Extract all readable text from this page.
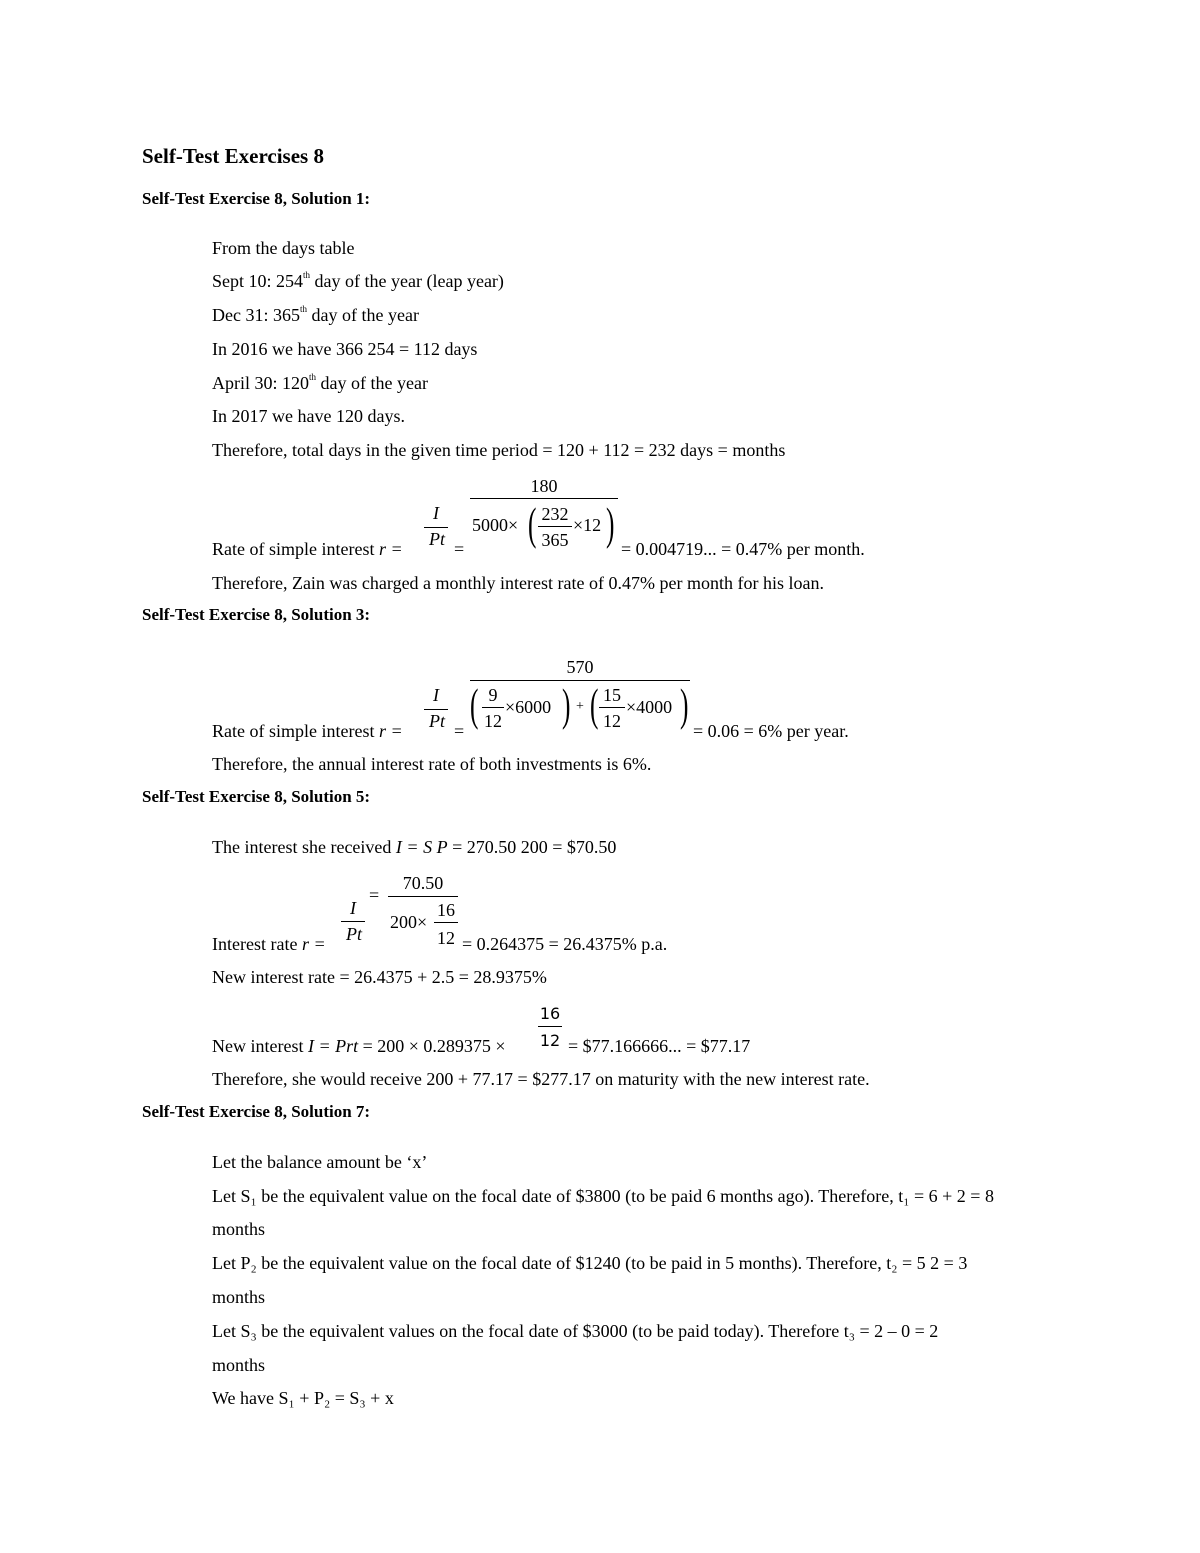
Self-Test Exercises 8
Self-Test Exercise 8, Solution 1:
From the days table
Sept 10: 254th day of the year (leap year)
Dec 31: 365th day of the year
In 2016 we have 366 254 = 112 days
April 30: 120th day of the year
In 2017 we have 120 days.
Therefore, total days in the given time period = 120 + 112 = 232 days = months
Rate of simple interest r =
I
Pt =
180
5000× ( 232
365
×12 ) = 0.004719... = 0.47% per month.
Therefore, Zain was charged a monthly interest rate of 0.47% per month for his loan.
Self-Test Exercise 8, Solution 3:
Rate of simple interest r =
I
Pt =
570
( 9
12
×6000 ) + ( 15
12
×4000 )
= 0.06 = 6% per year.
Therefore, the annual interest rate of both investments is 6%.
Self-Test Exercise 8, Solution 5:
The interest she received I = S P = 270.50 200 = $70.50
Interest rate r =
=
I
Pt
70.50
200×
16
12 = 0.264375 = 26.4375% p.a.
New interest rate = 26.4375 + 2.5 = 28.9375%
16
12
New interest I = Prt = 200 × 0.289375 ×	= $77.166666... = $77.17
Therefore, she would receive 200 + 77.17 = $277.17 on maturity with the new interest rate.
Self-Test Exercise 8, Solution 7:
Let the balance amount be ‘x’
Let S₁ be the equivalent value on the focal date of $3800 (to be paid 6 months ago). Therefore, t₁ = 6 + 2 = 8
months
Let P₂ be the equivalent value on the focal date of $1240 (to be paid in 5 months). Therefore, t₂ = 5 2 = 3
months
Let S₃ be the equivalent values on the focal date of $3000 (to be paid today). Therefore t₃ = 2 – 0 = 2
months
We have S₁ + P₂ = S₃ + x
